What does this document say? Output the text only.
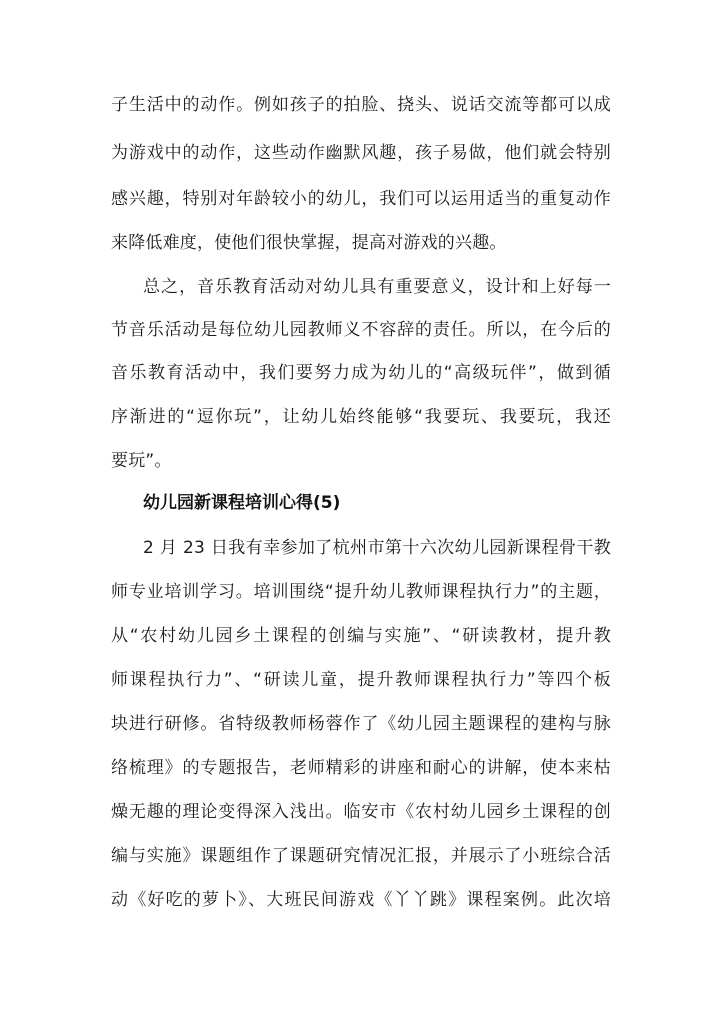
子生活中的动作。例如孩子的拍脸、挠头、说话交流等都可以成
为游戏中的动作，这些动作幽默风趣，孩子易做，他们就会特别
感兴趣，特别对年龄较小的幼儿，我们可以运用适当的重复动作
来降低难度，使他们很快掌握，提高对游戏的兴趣。
总之，音乐教育活动对幼儿具有重要意义，设计和上好每一
节音乐活动是每位幼儿园教师义不容辞的责任。所以，在今后的
音乐教育活动中，我们要努力成为幼儿的“高级玩伴”，做到循
序渐进的“逗你玩”，让幼儿始终能够“我要玩、我要玩，我还
要玩”。
幼儿园新课程培训心得(5)
2 月 23 日我有幸参加了杭州市第十六次幼儿园新课程骨干教
师专业培训学习。培训围绕“提升幼儿教师课程执行力”的主题，
从“农村幼儿园乡土课程的创编与实施”、“研读教材，提升教
师课程执行力”、“研读儿童，提升教师课程执行力”等四个板
块进行研修。省特级教师杨蓉作了《幼儿园主题课程的建构与脉
络梳理》的专题报告，老师精彩的讲座和耐心的讲解，使本来枯
燥无趣的理论变得深入浅出。临安市《农村幼儿园乡土课程的创
编与实施》课题组作了课题研究情况汇报，并展示了小班综合活
动《好吃的萝卜》、大班民间游戏《丫丫跳》课程案例。此次培
